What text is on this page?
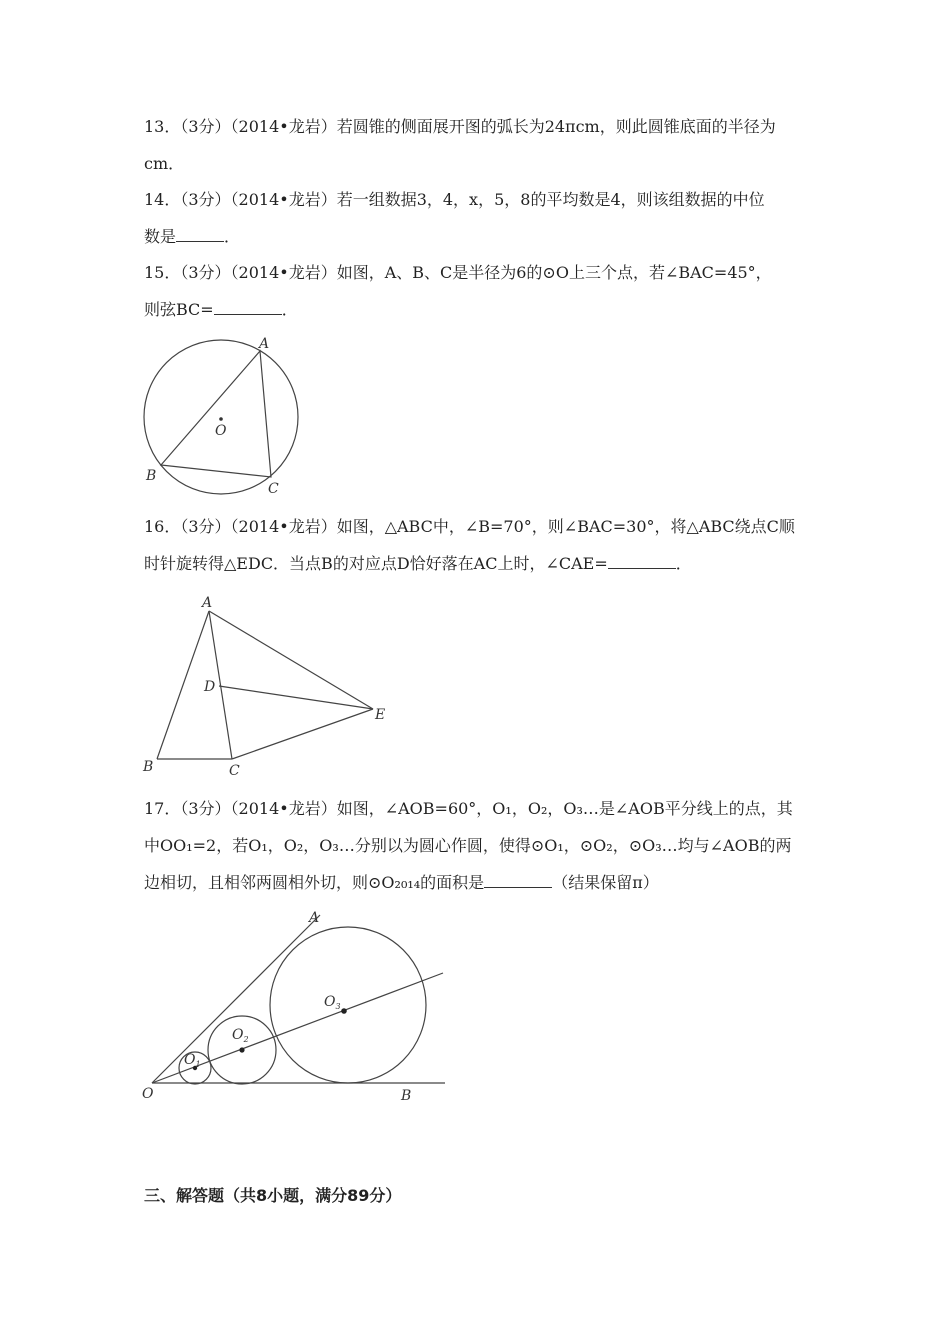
13．（3分）（2014•龙岩）若圆锥的侧面展开图的弧长为24πcm，则此圆锥底面的半径为
cm．
14．（3分）（2014•龙岩）若一组数据3，4，x，5，8的平均数是4，则该组数据的中位
数是	．
15．（3分）（2014•龙岩）如图，A、B、C是半径为6的⊙O上三个点，若∠BAC=45°，
则弦BC=	．
A
B
C
O
16．（3分）（2014•龙岩）如图，△ABC中，∠B=70°，则∠BAC=30°，将△ABC绕点C顺
时针旋转得△EDC．当点B的对应点D恰好落在AC上时，∠CAE=	．
A
B	C
D
E
17．（3分）（2014•龙岩）如图，∠AOB=60°，O₁，O₂，O₃…是∠AOB平分线上的点，其
中OO₁=2，若O₁，O₂，O₃…分别以为圆心作圆，使得⊙O₁，⊙O₂，⊙O₃…均与∠AOB的两
边相切，且相邻两圆相外切，则⊙O₂₀₁₄的面积是	（结果保留π）
A
B
O
$O_1$
$O_2$
$O_3$
三、解答题（共8小题，满分89分）
